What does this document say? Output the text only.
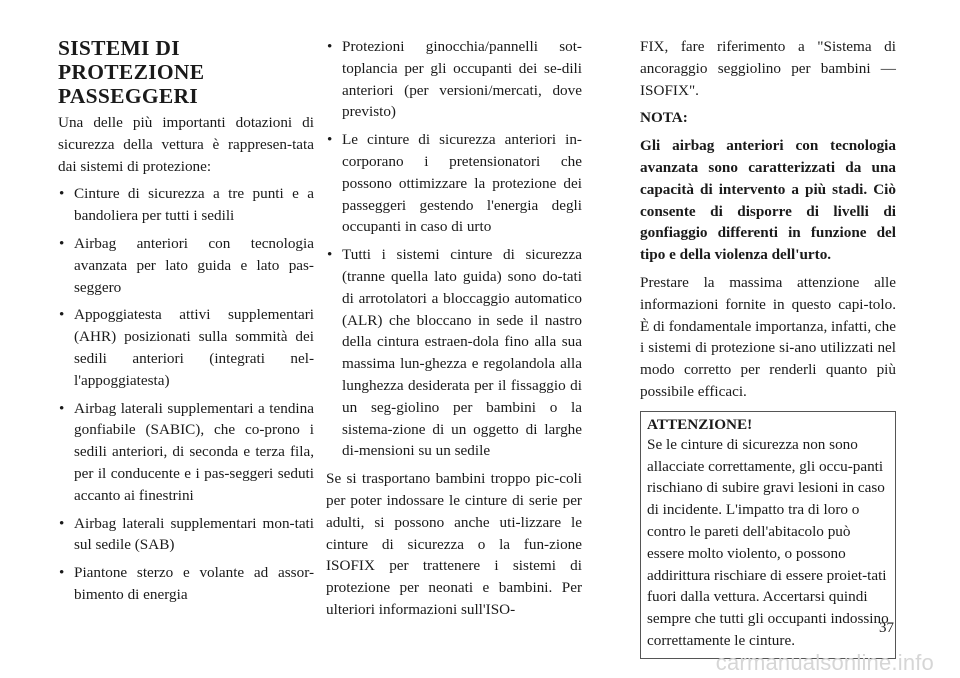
SISTEMI DI PROTEZIONE PASSEGGERI

Una delle più importanti dotazioni di sicurezza della vettura è rappresen-tata dai sistemi di protezione:

• Cinture di sicurezza a tre punti e a bandoliera per tutti i sedili
• Airbag anteriori con tecnologia avanzata per lato guida e lato pas-seggero
• Appoggiatesta attivi supplementari (AHR) posizionati sulla sommità dei sedili anteriori (integrati nel-l'appoggiatesta)
• Airbag laterali supplementari a tendina gonfiabile (SABIC), che co-prono i sedili anteriori, di seconda e terza fila, per il conducente e i pas-seggeri seduti accanto ai finestrini
• Airbag laterali supplementari mon-tati sul sedile (SAB)
• Piantone sterzo e volante ad assor-bimento di energia
• Protezioni ginocchia/pannelli sot-toplancia per gli occupanti dei se-dili anteriori (per versioni/mercati, dove previsto)
• Le cinture di sicurezza anteriori in-corporano i pretensionatori che possono ottimizzare la protezione dei passeggeri gestendo l'energia degli occupanti in caso di urto
• Tutti i sistemi cinture di sicurezza (tranne quella lato guida) sono do-tati di arrotolatori a bloccaggio automatico (ALR) che bloccano in sede il nastro della cintura estraen-dola fino alla sua massima lun-ghezza e regolandola alla lunghezza desiderata per il fissaggio di un seg-giolino per bambini o la sistema-zione di un oggetto di larghe di-mensioni su un sedile

Se si trasportano bambini troppo pic-coli per poter indossare le cinture di serie per adulti, si possono anche uti-lizzare le cinture di sicurezza o la fun-zione ISOFIX per trattenere i sistemi di protezione per neonati e bambini. Per ulteriori informazioni sull'ISO-

FIX, fare riferimento a "Sistema di ancoraggio seggiolino per bambini — ISOFIX".

NOTA:

Gli airbag anteriori con tecnologia avanzata sono caratterizzati da una capacità di intervento a più stadi. Ciò consente di disporre di livelli di gonfiaggio differenti in funzione del tipo e della violenza dell'urto.

Prestare la massima attenzione alle informazioni fornite in questo capi-tolo. È di fondamentale importanza, infatti, che i sistemi di protezione si-ano utilizzati nel modo corretto per renderli quanto più possibile efficaci.

ATTENZIONE!

Se le cinture di sicurezza non sono allacciate correttamente, gli occu-panti rischiano di subire gravi lesioni in caso di incidente. L'impatto tra di loro o contro le pareti dell'abitacolo può essere molto violento, o possono addirittura rischiare di essere proiet-tati fuori dalla vettura. Accertarsi quindi sempre che tutti gli occupanti indossino correttamente le cinture.

37
carmanualsonline.info
